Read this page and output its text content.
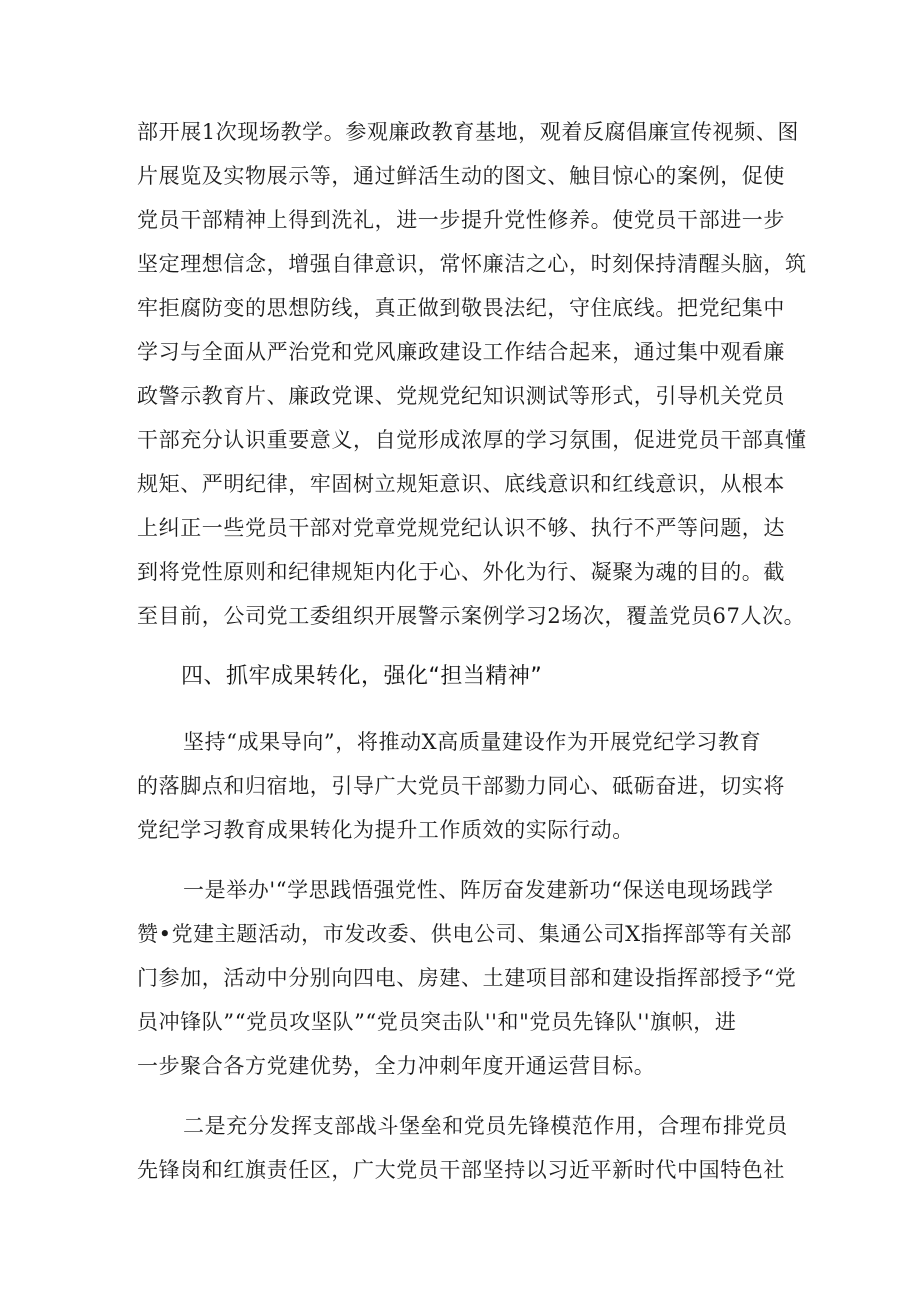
部开展1次现场教学。参观廉政教育基地，观着反腐倡廉宣传视频、图
片展览及实物展示等，通过鲜活生动的图文、触目惊心的案例，促使
党员干部精神上得到洗礼，进一步提升党性修养。使党员干部进一步
坚定理想信念，增强自律意识，常怀廉洁之心，时刻保持清醒头脑，筑
牢拒腐防变的思想防线，真正做到敬畏法纪，守住底线。把党纪集中
学习与全面从严治党和党风廉政建设工作结合起来，通过集中观看廉
政警示教育片、廉政党课、党规党纪知识测试等形式，引导机关党员
干部充分认识重要意义，自觉形成浓厚的学习氛围，促进党员干部真懂
规矩、严明纪律，牢固树立规矩意识、底线意识和红线意识，从根本
上纠正一些党员干部对党章党规党纪认识不够、执行不严等问题，达
到将党性原则和纪律规矩内化于心、外化为行、凝聚为魂的目的。截
至目前，公司党工委组织开展警示案例学习2场次，覆盖党员67人次。
四、抓牢成果转化，强化“担当精神”
坚持“成果导向”，将推动X高质量建设作为开展党纪学习教育
的落脚点和归宿地，引导广大党员干部勠力同心、砥砺奋进，切实将
党纪学习教育成果转化为提升工作质效的实际行动。
一是举办'“学思践悟强党性、阵厉奋发建新功“保送电现场践学
赞•党建主题活动，市发改委、供电公司、集通公司X指挥部等有关部
门参加，活动中分别向四电、房建、土建项目部和建设指挥部授予“党
员冲锋队”“党员攻坚队”“党员突击队''和"党员先锋队''旗帜，进
一步聚合各方党建优势，全力冲刺年度开通运营目标。
二是充分发挥支部战斗堡垒和党员先锋模范作用，合理布排党员
先锋岗和红旗责任区，广大党员干部坚持以习近平新时代中国特色社
